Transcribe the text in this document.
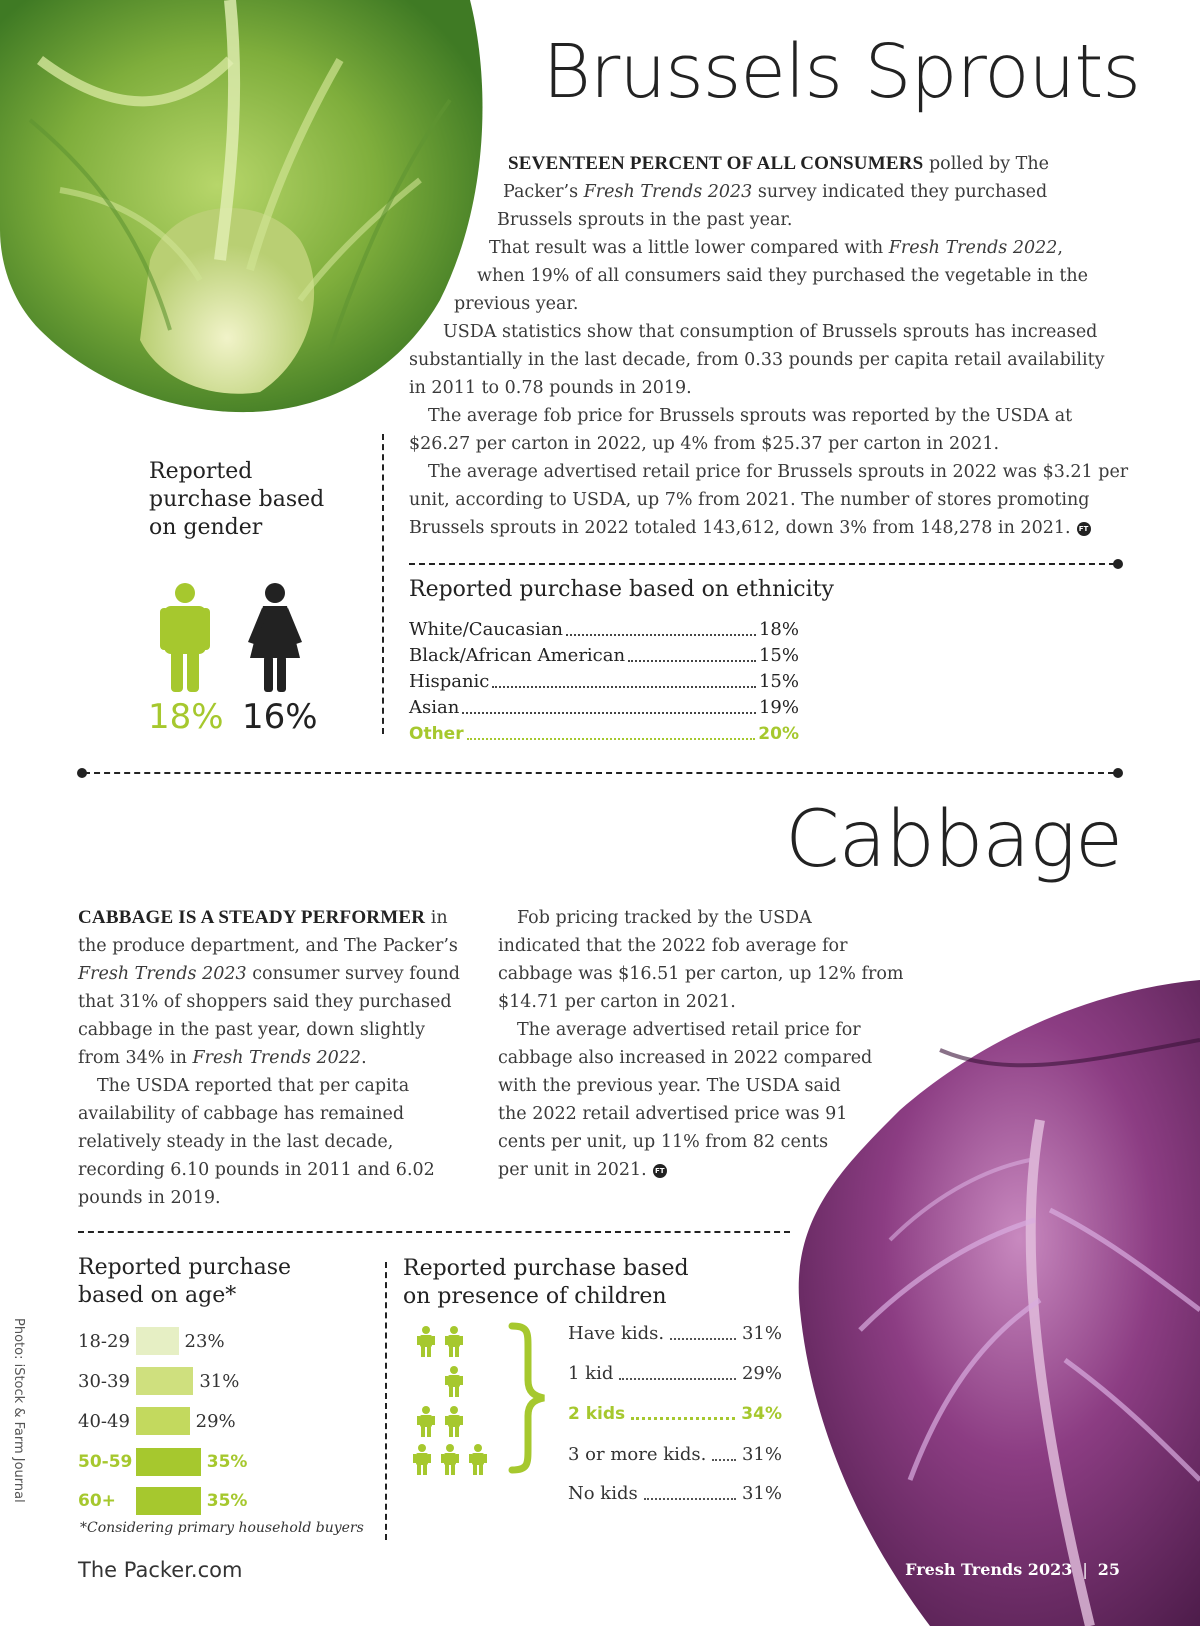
Brussels Sprouts

SEVENTEEN PERCENT OF ALL CONSUMERS polled by The

Packer’s Fresh Trends 2023 survey indicated they purchased

Brussels sprouts in the past year.

That result was a little lower compared with Fresh Trends 2022,

when 19% of all consumers said they purchased the vegetable in the

previous year.

USDA statistics show that consumption of Brussels sprouts has increased

substantially in the last decade, from 0.33 pounds per capita retail availability

in 2011 to 0.78 pounds in 2019.

The average fob price for Brussels sprouts was reported by the USDA at

$26.27 per carton in 2022, up 4% from $25.37 per carton in 2021.

The average advertised retail price for Brussels sprouts in 2022 was $3.21 per

unit, according to USDA, up 7% from 2021. The number of stores promoting

Brussels sprouts in 2022 totaled 143,612, down 3% from 148,278 in 2021. FT

Reported
purchase based
on gender
18% 16%
Reported purchase based on ethnicity
White/Caucasian	18%
Black/African American	15%
Hispanic	15%
Asian	19%
Other	20%
Cabbage

CABBAGE IS A STEADY PERFORMER in

the produce department, and The Packer’s

Fresh Trends 2023 consumer survey found

that 31% of shoppers said they purchased

cabbage in the past year, down slightly

from 34% in Fresh Trends 2022.

The USDA reported that per capita

availability of cabbage has remained

relatively steady in the last decade,

recording 6.10 pounds in 2011 and 6.02

pounds in 2019.

Fob pricing tracked by the USDA

indicated that the 2022 fob average for

cabbage was $16.51 per carton, up 12% from

$14.71 per carton in 2021.

The average advertised retail price for

cabbage also increased in 2022 compared

with the previous year. The USDA said

the 2022 retail advertised price was 91

cents per unit, up 11% from 82 cents

per unit in 2021. FT

Reported purchase
based on age*
18-29	23%
30-39	31%
40-49	29%
50-59	35%
60+	35%
*Considering primary household buyers
Reported purchase based
on presence of children
Have kids.	31%
1 kid	29%
2 kids	34%
3 or more kids. 31%
No kids	31%
Photo: iStock & Farm Journal
The Packer.com	Fresh Trends 2023 | 25
